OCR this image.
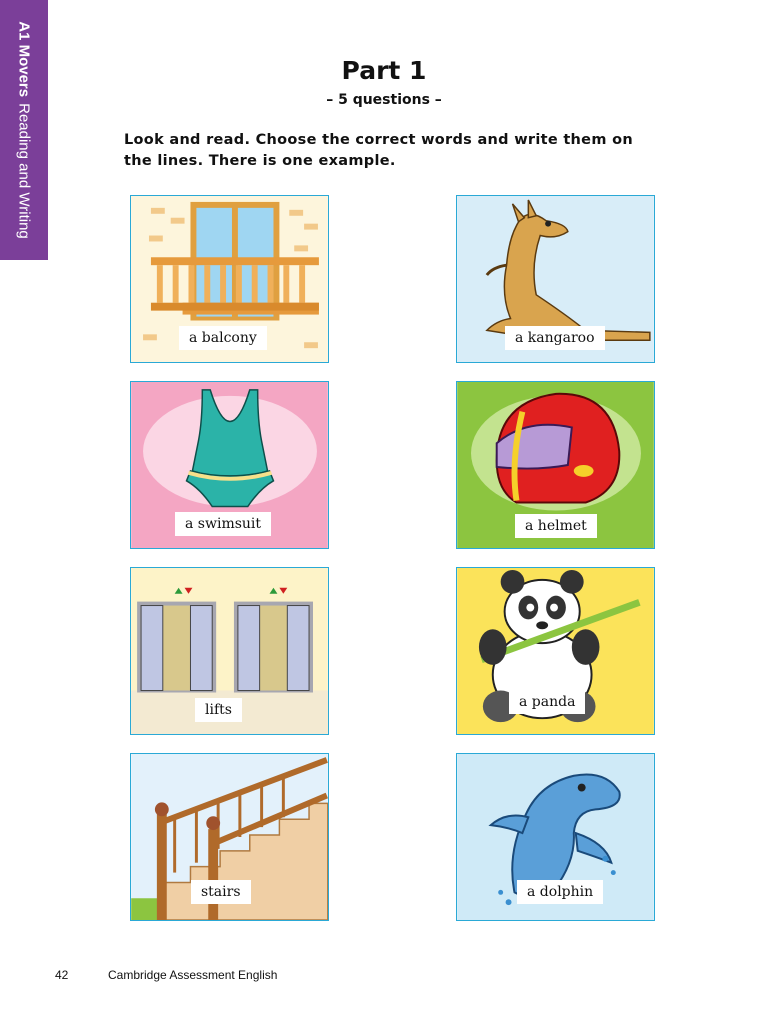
A1 MoversReading and Writing
Part 1
– 5 questions –
Look and read. Choose the correct words and write them on the lines. There is one example.
a balcony	a kangaroo
a swimsuit	a helmet
lifts	a panda
stairs	a dolphin
42	Cambridge Assessment English
